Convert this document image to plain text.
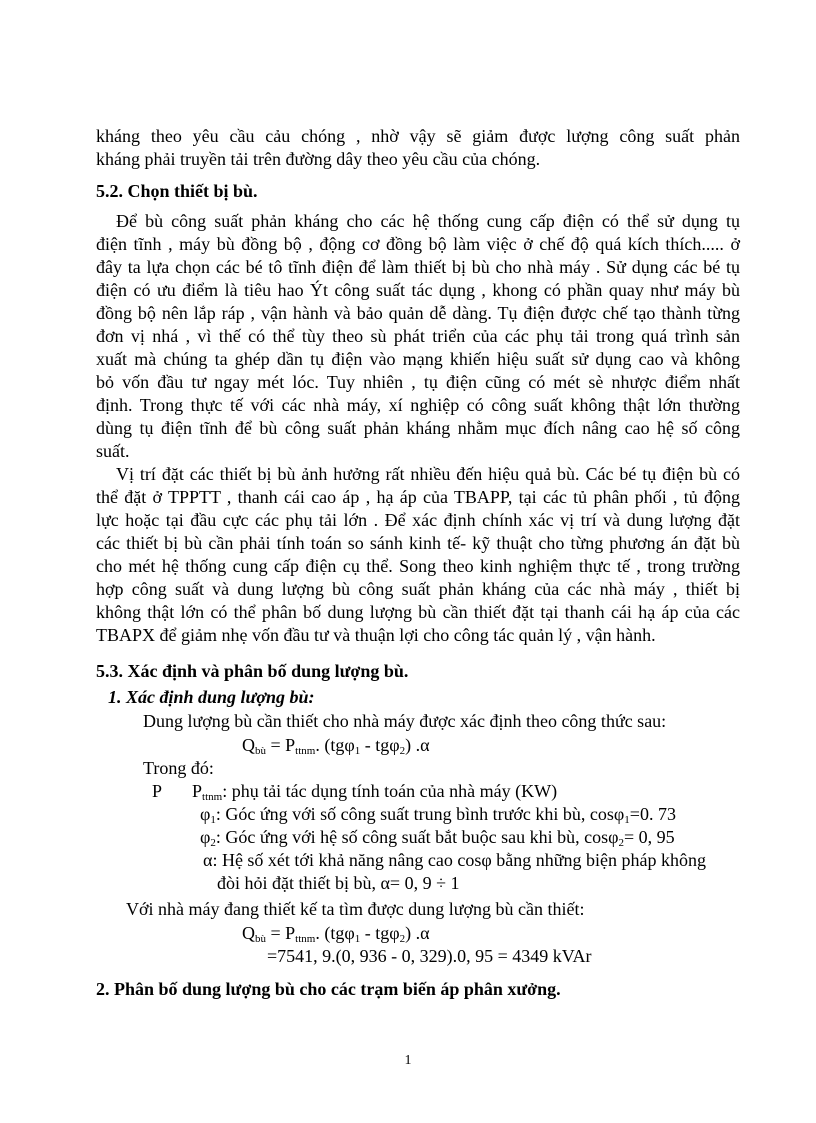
kháng theo yêu cầu cảu chóng , nhờ vậy sẽ giảm được lượng công suất phản
kháng phải truyền tải trên đường dây theo yêu cầu của chóng.
5.2. Chọn thiết bị bù.
Để bù công suất phản kháng cho các hệ thống cung cấp điện có thể sử dụng tụ
điện tĩnh , máy bù đồng bộ , động cơ đồng bộ làm việc ở chế độ quá kích thích..... ở
đây ta lựa chọn các bé tô tĩnh điện để làm thiết bị bù cho nhà máy . Sử dụng các bé tụ
điện có ưu điểm là tiêu hao Ýt công suất tác dụng , khong có phần quay như máy bù
đồng bộ nên lắp ráp , vận hành và bảo quản dễ dàng. Tụ điện được chế tạo thành từng
đơn vị nhá , vì thế có thể tùy theo sù phát triển của các phụ tải trong quá trình sản
xuất mà chúng ta ghép dần tụ điện vào mạng khiến hiệu suất sử dụng cao và không
bỏ vốn đầu tư ngay mét lóc. Tuy nhiên , tụ điện cũng có mét sè nhược điểm nhất
định. Trong thực tế với các nhà máy, xí nghiệp có công suất không thật lớn thường
dùng tụ điện tĩnh để bù công suất phản kháng nhằm mục đích nâng cao hệ số công
suất.
Vị trí đặt các thiết bị bù ảnh hưởng rất nhiều đến hiệu quả bù. Các bé tụ điện bù có
thể đặt ở TPPTT , thanh cái cao áp , hạ áp của TBAPP, tại các tủ phân phối , tủ động
lực hoặc tại đầu cực các phụ tải lớn . Để xác định chính xác vị trí và dung lượng đặt
các thiết bị bù cần phải tính toán so sánh kinh tế- kỹ thuật cho từng phương án đặt bù
cho mét hệ thống cung cấp điện cụ thể. Song theo kinh nghiệm thực tế , trong trường
hợp công suất và dung lượng bù công suất phản kháng của các nhà máy , thiết bị
không thật lớn có thể phân bố dung lượng bù cần thiết đặt tại thanh cái hạ áp của các
TBAPX để giảm nhẹ vốn đầu tư và thuận lợi cho công tác quản lý , vận hành.
5.3. Xác định và phân bố dung lượng bù.
1. Xác định dung lượng bù:
Dung lượng bù cần thiết cho nhà máy được xác định theo công thức sau:
$Q_{bù} = P_{ttnm}$. (tgφ$_1$ - tgφ$_2$) .α
Trong đó:
P $P_{ttnm}$: phụ tải tác dụng tính toán của nhà máy (KW)
$\varphi_1$: Góc ứng với số công suất trung bình trước khi bù, cosφ$_1$=0. 73
$\varphi_2$: Góc ứng với hệ số công suất bắt buộc sau khi bù, cosφ$_2$= 0, 95
α: Hệ số xét tới khả năng nâng cao cosφ bằng những biện pháp không
đòi hỏi đặt thiết bị bù, α= 0, 9 ÷ 1
Với nhà máy đang thiết kế ta tìm được dung lượng bù cần thiết:
$Q_{bù} = P_{ttnm}$. (tgφ$_1$ - tgφ$_2$) .α
=7541, 9.(0, 936 - 0, 329).0, 95 = 4349 kVAr
2. Phân bố dung lượng bù cho các trạm biến áp phân xưởng.
1
